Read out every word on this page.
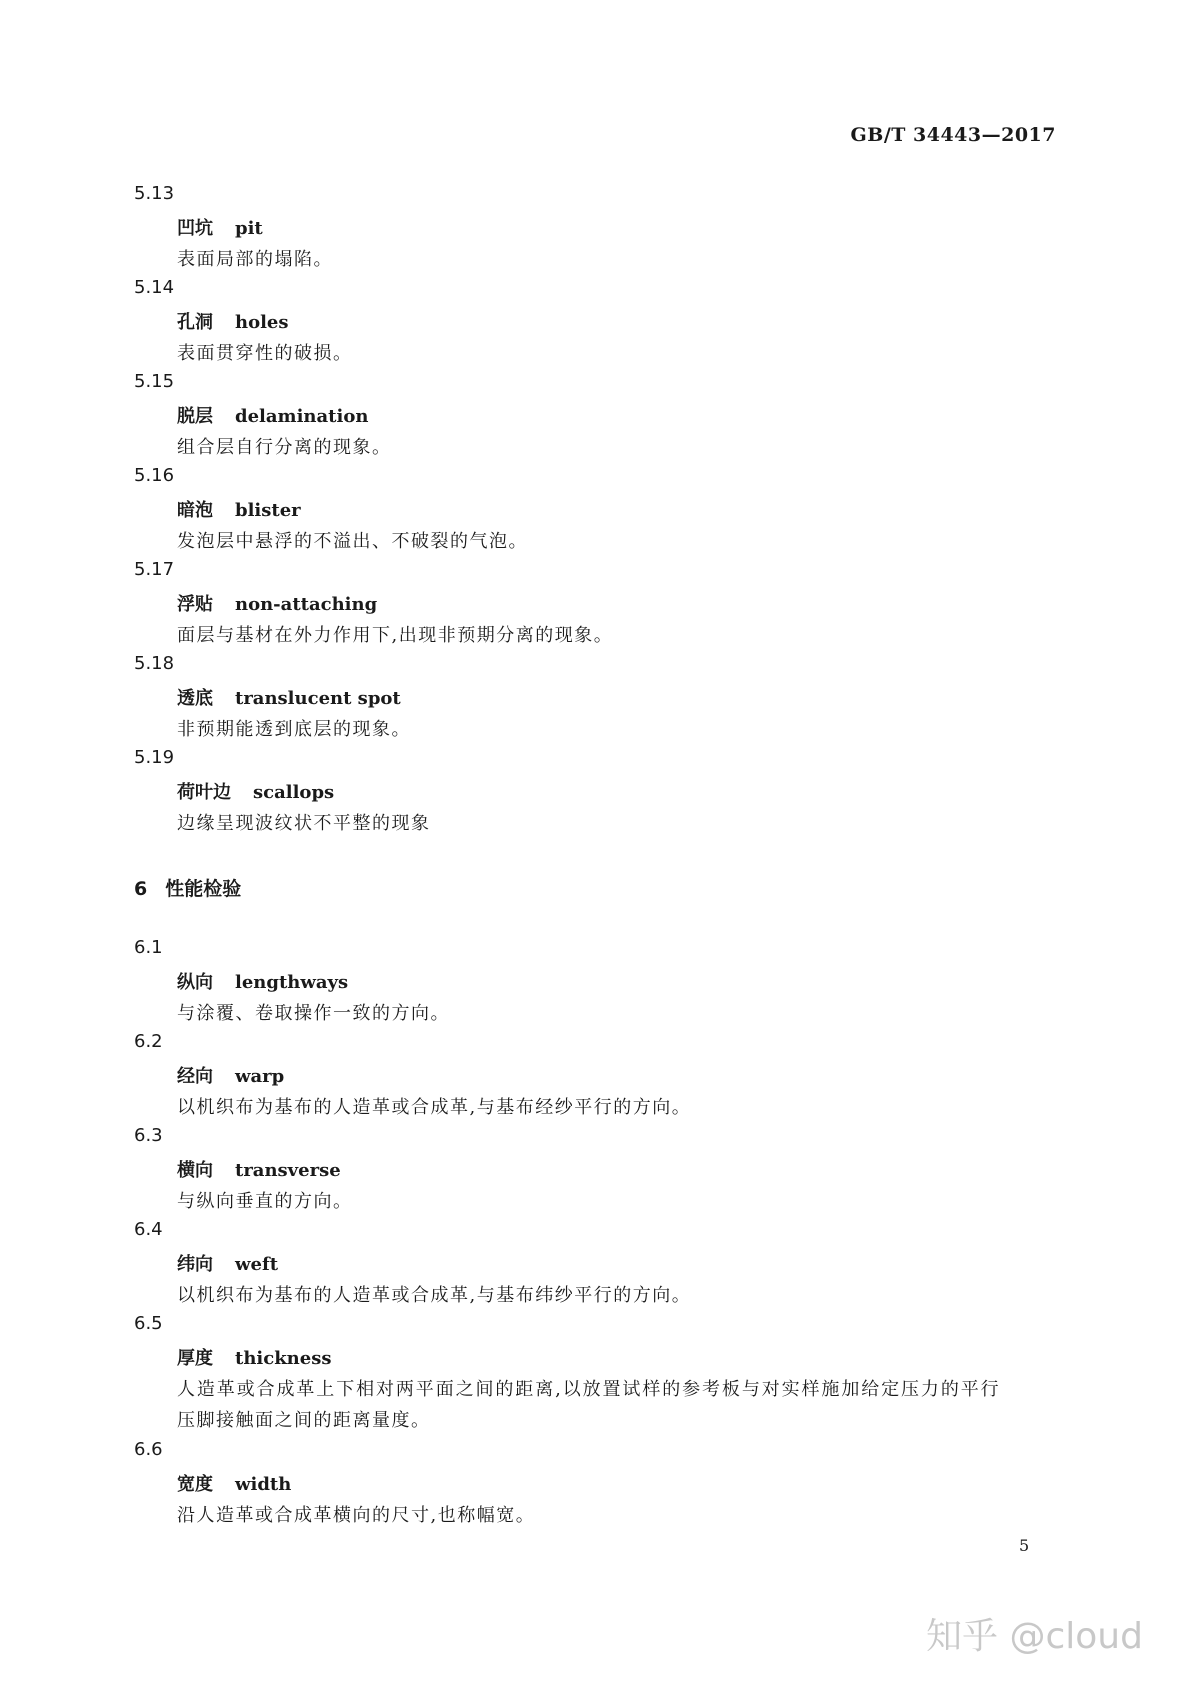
GB/T 34443—2017
5.13
凹坑 pit
表面局部的塌陷。
5.14
孔洞 holes
表面贯穿性的破损。
5.15
脱层 delamination
组合层自行分离的现象。
5.16
暗泡 blister
发泡层中悬浮的不溢出、不破裂的气泡。
5.17
浮贴 non-attaching
面层与基材在外力作用下,出现非预期分离的现象。
5.18
透底 translucent spot
非预期能透到底层的现象。
5.19
荷叶边 scallops
边缘呈现波纹状不平整的现象
6 性能检验
6.1
纵向 lengthways
与涂覆、卷取操作一致的方向。
6.2
经向 warp
以机织布为基布的人造革或合成革,与基布经纱平行的方向。
6.3
横向 transverse
与纵向垂直的方向。
6.4
纬向 weft
以机织布为基布的人造革或合成革,与基布纬纱平行的方向。
6.5
厚度 thickness
人造革或合成革上下相对两平面之间的距离,以放置试样的参考板与对实样施加给定压力的平行
压脚接触面之间的距离量度。
6.6
宽度 width
沿人造革或合成革横向的尺寸,也称幅宽。
5
知乎 @cloud
